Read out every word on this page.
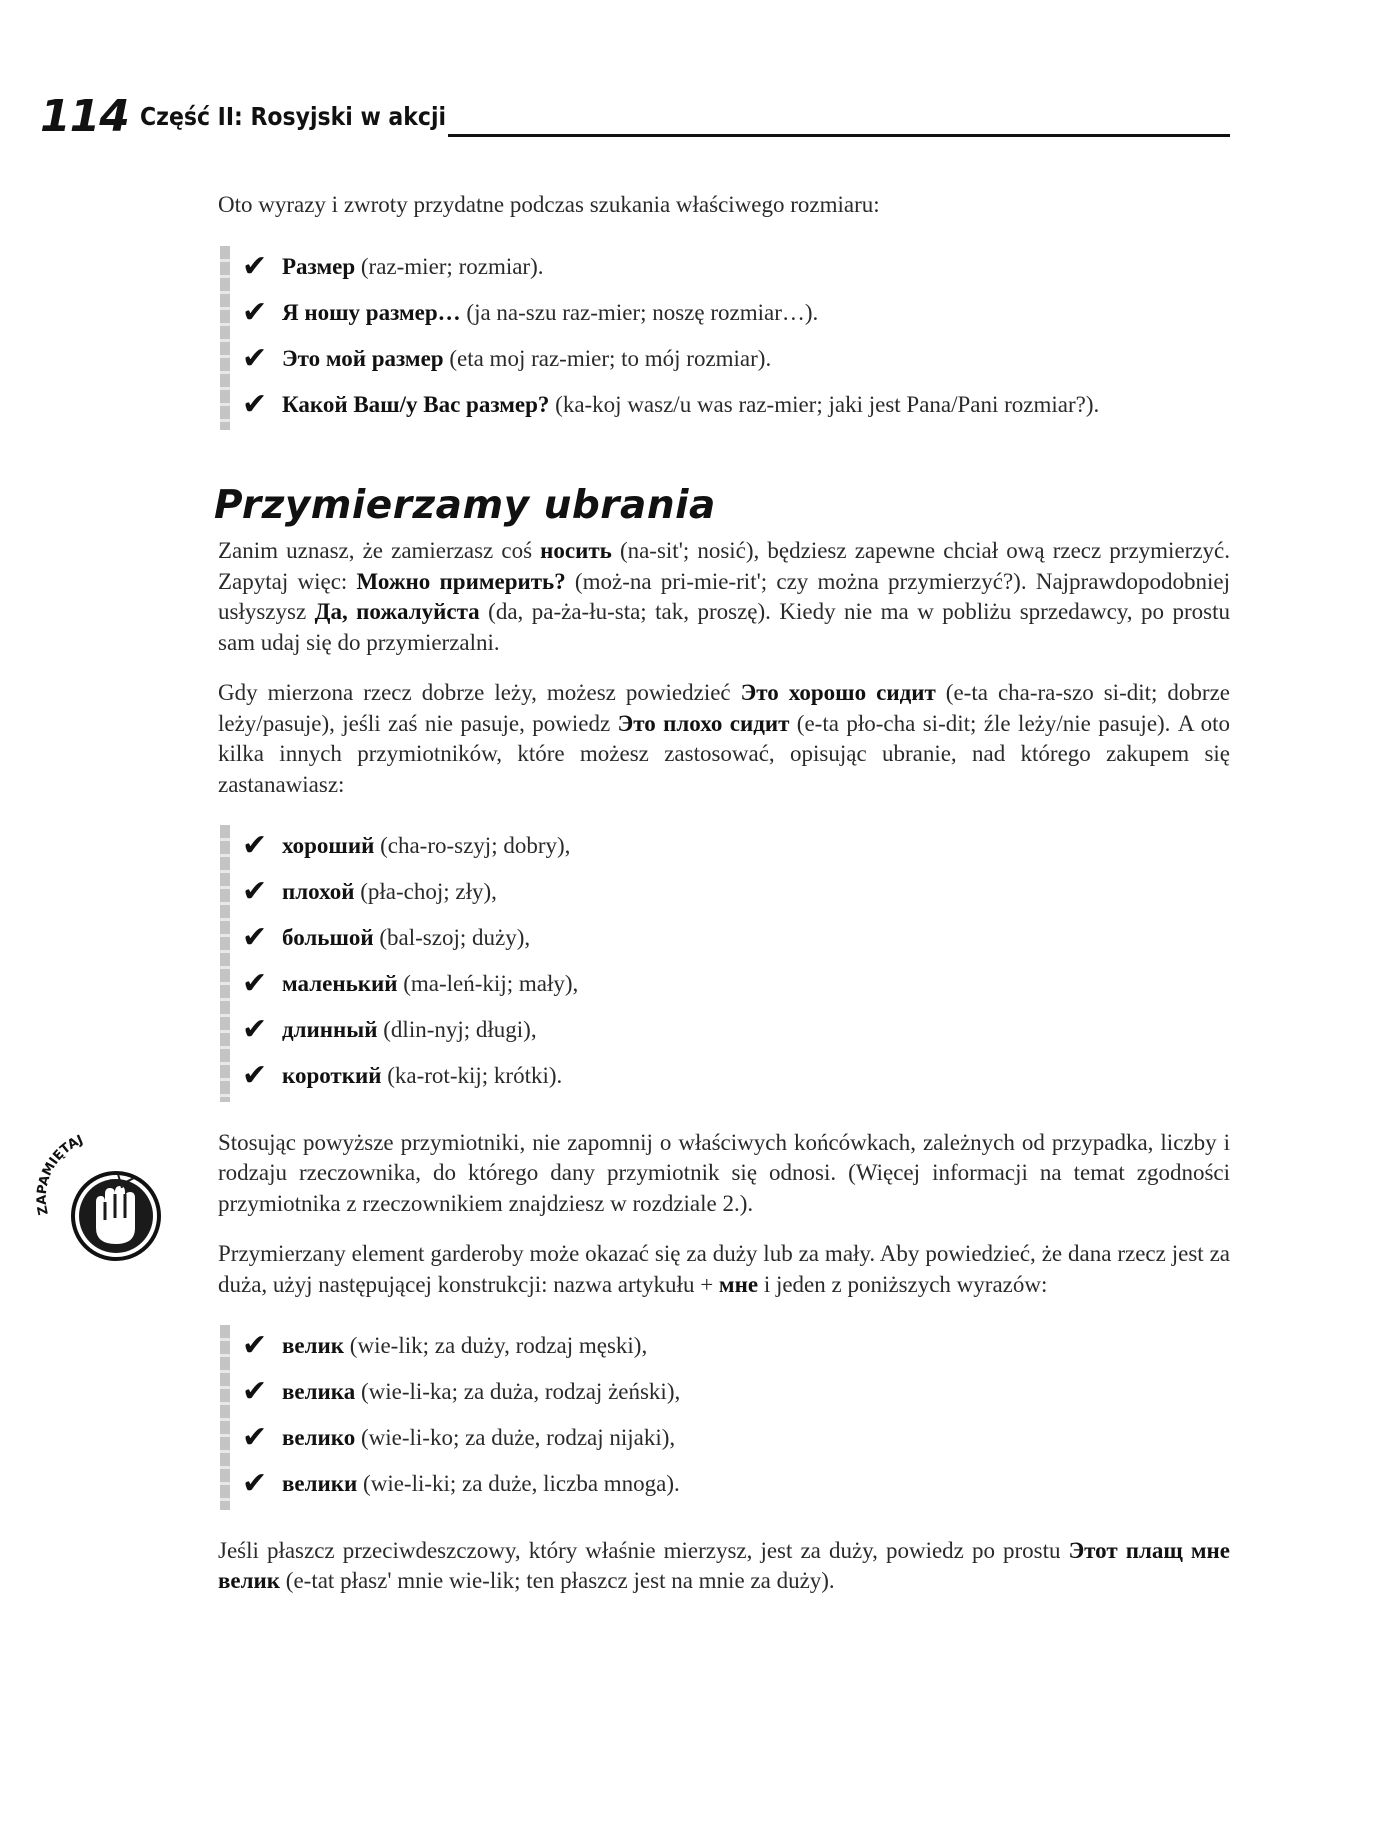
114 Część II: Rosyjski w akcji
ZAPAMIĘTAJ

Oto wyrazy i zwroty przydatne podczas szukania właściwego rozmiaru:

✔ Размер (raz-mier; rozmiar).
✔ Я ношу размер… (ja na-szu raz-mier; noszę rozmiar…).
✔ Это мой размер (eta moj raz-mier; to mój rozmiar).
✔ Какой Ваш/у Вас размер? (ka-koj wasz/u was raz-mier; jaki jest Pana/Pani rozmiar?).
Przymierzamy ubrania

Zanim uznasz, że zamierzasz coś носить (na-sit'; nosić), będziesz zapewne chciał ową rzecz przymierzyć. Zapytaj więc: Можно примерить? (moż-na pri-mie-rit'; czy można przymierzyć?). Najprawdopodobniej usłyszysz Да, пожалуйста (da, pa-ża-łu-sta; tak, proszę). Kiedy nie ma w pobliżu sprzedawcy, po prostu sam udaj się do przymierzalni.

Gdy mierzona rzecz dobrze leży, możesz powiedzieć Это хорошо сидит (e-ta cha-ra-szo si-dit; dobrze leży/pasuje), jeśli zaś nie pasuje, powiedz Это плохо сидит (e-ta pło-cha si-dit; źle leży/nie pasuje). A oto kilka innych przymiotników, które możesz zastosować, opisując ubranie, nad którego zakupem się zastanawiasz:

✔ хороший (cha-ro-szyj; dobry),
✔ плохой (pła-choj; zły),
✔ большой (bal-szoj; duży),
✔ маленький (ma-leń-kij; mały),
✔ длинный (dlin-nyj; długi),
✔ короткий (ka-rot-kij; krótki).

Stosując powyższe przymiotniki, nie zapomnij o właściwych końcówkach, zależnych od przypadka, liczby i rodzaju rzeczownika, do którego dany przymiotnik się odnosi. (Więcej informacji na temat zgodności przymiotnika z rzeczownikiem znajdziesz w rozdziale 2.).

Przymierzany element garderoby może okazać się za duży lub za mały. Aby powiedzieć, że dana rzecz jest za duża, użyj następującej konstrukcji: nazwa artykułu + мне i jeden z poniższych wyrazów:

✔ велик (wie-lik; za duży, rodzaj męski),
✔ велика (wie-li-ka; za duża, rodzaj żeński),
✔ велико (wie-li-ko; za duże, rodzaj nijaki),
✔ велики (wie-li-ki; za duże, liczba mnoga).

Jeśli płaszcz przeciwdeszczowy, który właśnie mierzysz, jest za duży, powiedz po prostu Этот плащ мне велик (e-tat płasz' mnie wie-lik; ten płaszcz jest na mnie za duży).
